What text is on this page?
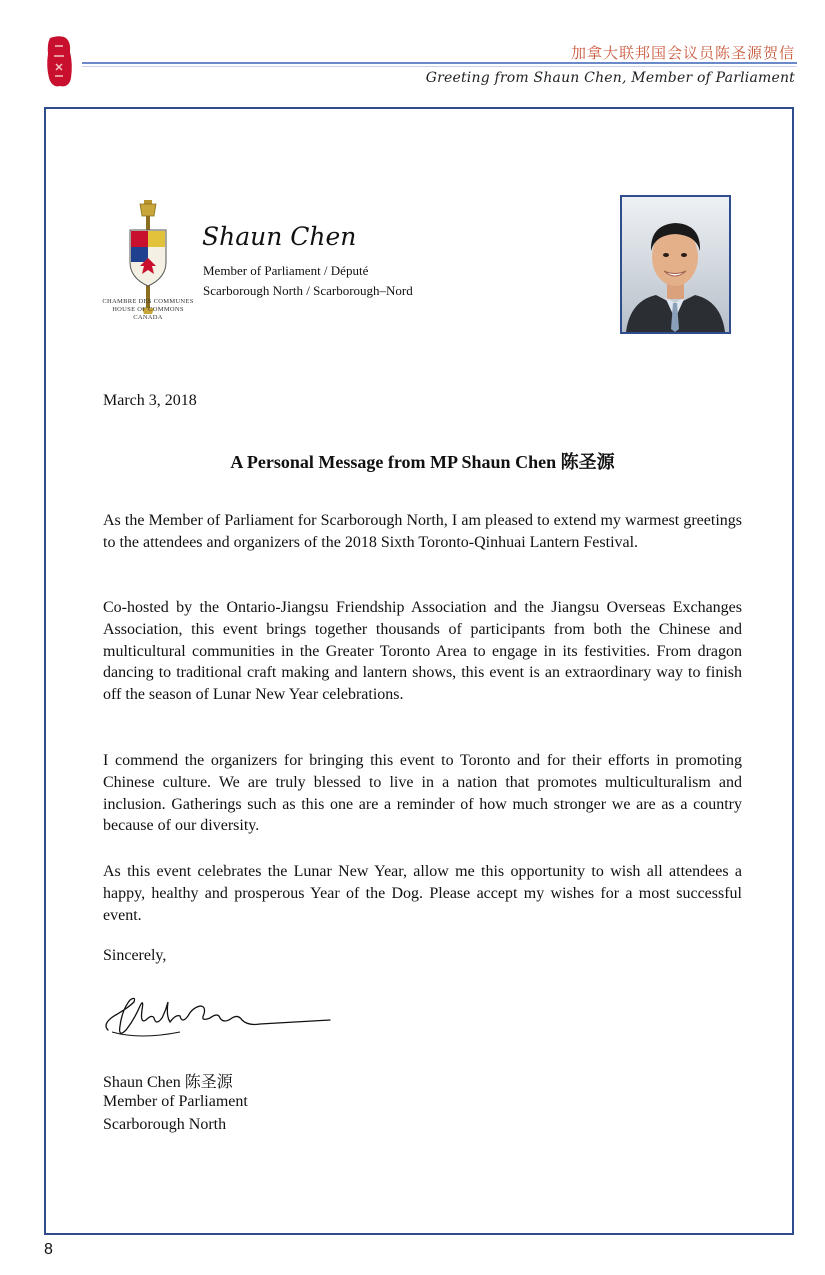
加拿大联邦国会议员陈圣源贺信
Greeting from Shaun Chen, Member of Parliament
CHAMBRE DES COMMUNES
HOUSE OF COMMONS
CANADA
Shaun Chen
Member of Parliament / Député
Scarborough North / Scarborough–Nord
March 3, 2018
A Personal Message from MP Shaun Chen 陈圣源

As the Member of Parliament for Scarborough North, I am pleased to extend my warmest greetings to the attendees and organizers of the 2018 Sixth Toronto-Qinhuai Lantern Festival.

Co-hosted by the Ontario-Jiangsu Friendship Association and the Jiangsu Overseas Exchanges Association, this event brings together thousands of participants from both the Chinese and multicultural communities in the Greater Toronto Area to engage in its festivities. From dragon dancing to traditional craft making and lantern shows, this event is an extraordinary way to finish off the season of Lunar New Year celebrations.

I commend the organizers for bringing this event to Toronto and for their efforts in promoting Chinese culture. We are truly blessed to live in a nation that promotes multiculturalism and inclusion. Gatherings such as this one are a reminder of how much stronger we are as a country because of our diversity.

As this event celebrates the Lunar New Year, allow me this opportunity to wish all attendees a happy, healthy and prosperous Year of the Dog. Please accept my wishes for a most successful event.

Sincerely,
Shaun Chen 陈圣源
Member of Parliament
Scarborough North
8
